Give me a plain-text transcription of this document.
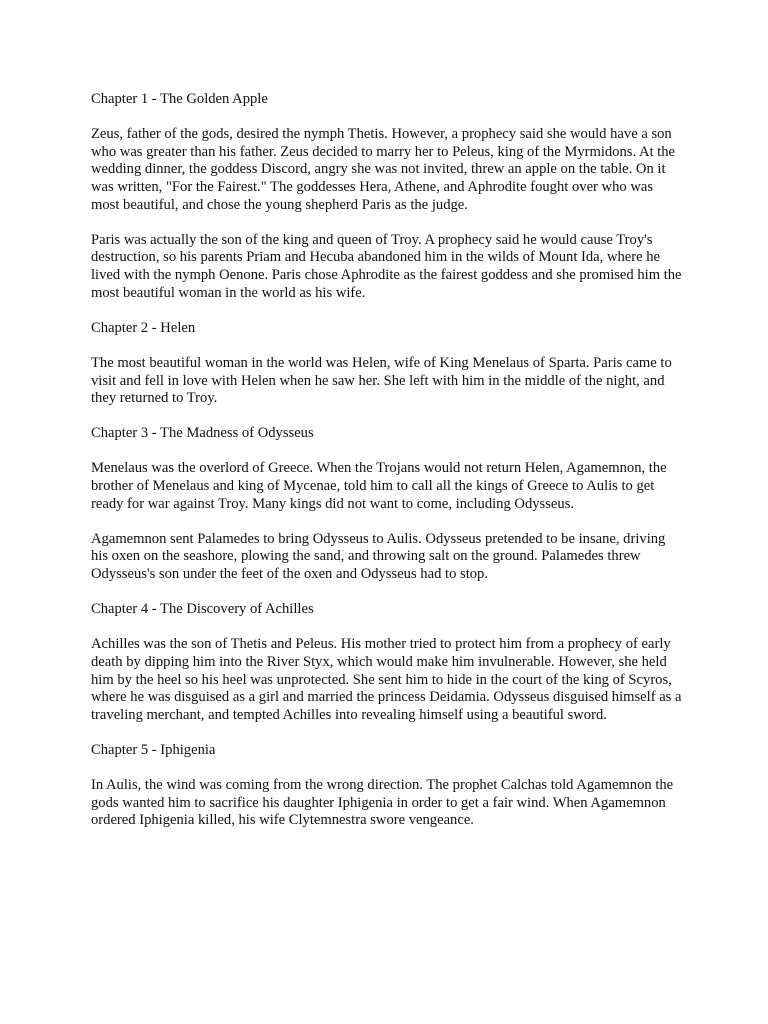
Chapter 1 - The Golden Apple

Zeus, father of the gods, desired the nymph Thetis. However, a prophecy said she would have a son who was greater than his father. Zeus decided to marry her to Peleus, king of the Myrmidons. At the wedding dinner, the goddess Discord, angry she was not invited, threw an apple on the table. On it was written, "For the Fairest." The goddesses Hera, Athene, and Aphrodite fought over who was most beautiful, and chose the young shepherd Paris as the judge.

Paris was actually the son of the king and queen of Troy. A prophecy said he would cause Troy's destruction, so his parents Priam and Hecuba abandoned him in the wilds of Mount Ida, where he lived with the nymph Oenone. Paris chose Aphrodite as the fairest goddess and she promised him the most beautiful woman in the world as his wife.

Chapter 2 - Helen

The most beautiful woman in the world was Helen, wife of King Menelaus of Sparta. Paris came to visit and fell in love with Helen when he saw her. She left with him in the middle of the night, and they returned to Troy.

Chapter 3 - The Madness of Odysseus

Menelaus was the overlord of Greece. When the Trojans would not return Helen, Agamemnon, the brother of Menelaus and king of Mycenae, told him to call all the kings of Greece to Aulis to get ready for war against Troy. Many kings did not want to come, including Odysseus.

Agamemnon sent Palamedes to bring Odysseus to Aulis. Odysseus pretended to be insane, driving his oxen on the seashore, plowing the sand, and throwing salt on the ground. Palamedes threw Odysseus's son under the feet of the oxen and Odysseus had to stop.

Chapter 4 - The Discovery of Achilles

Achilles was the son of Thetis and Peleus. His mother tried to protect him from a prophecy of early death by dipping him into the River Styx, which would make him invulnerable. However, she held him by the heel so his heel was unprotected. She sent him to hide in the court of the king of Scyros, where he was disguised as a girl and married the princess Deidamia. Odysseus disguised himself as a traveling merchant, and tempted Achilles into revealing himself using a beautiful sword.

Chapter 5 - Iphigenia

In Aulis, the wind was coming from the wrong direction. The prophet Calchas told Agamemnon the gods wanted him to sacrifice his daughter Iphigenia in order to get a fair wind. When Agamemnon ordered Iphigenia killed, his wife Clytemnestra swore vengeance.
